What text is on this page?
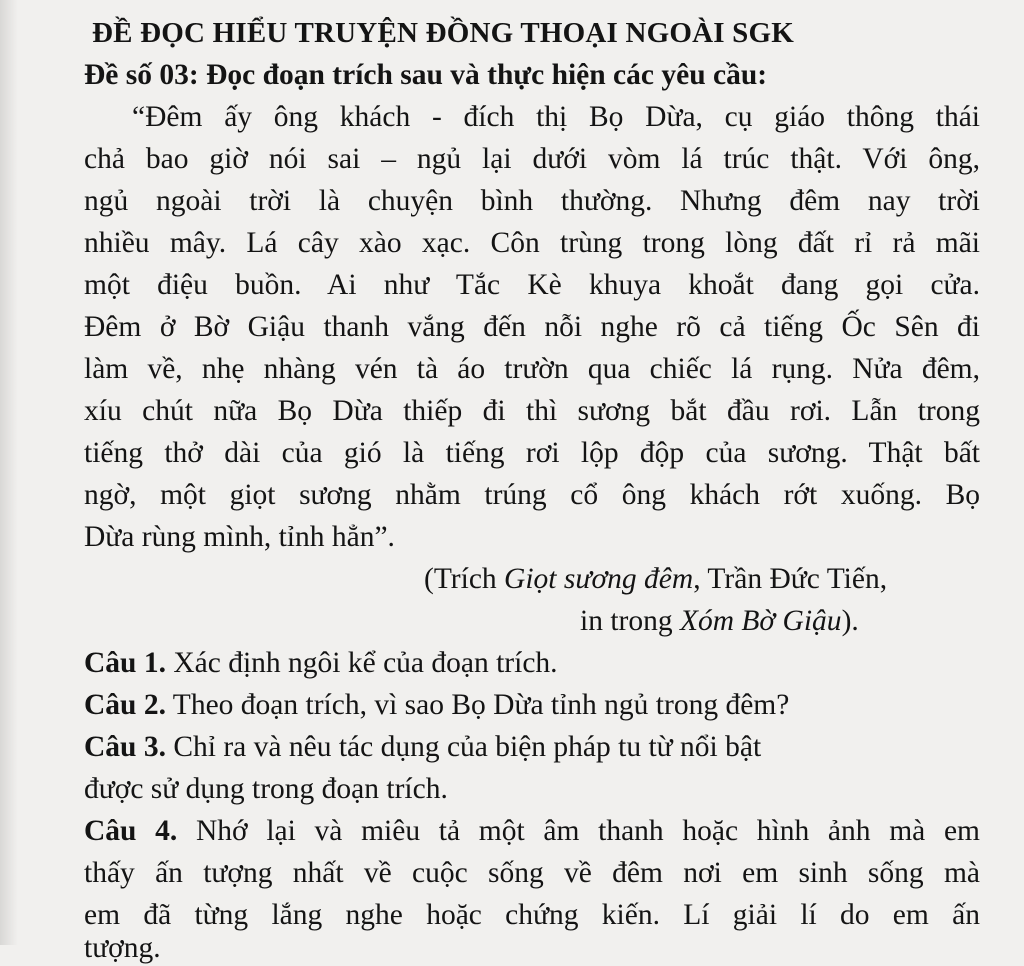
ĐỀ ĐỌC HIỂU TRUYỆN ĐỒNG THOẠI NGOÀI SGK
Đề số 03: Đọc đoạn trích sau và thực hiện các yêu cầu:
“Đêm ấy ông khách - đích thị Bọ Dừa, cụ giáo thông thái
chả bao giờ nói sai – ngủ lại dưới vòm lá trúc thật. Với ông,
ngủ ngoài trời là chuyện bình thường. Nhưng đêm nay trời
nhiều mây. Lá cây xào xạc. Côn trùng trong lòng đất rỉ rả mãi
một điệu buồn. Ai như Tắc Kè khuya khoắt đang gọi cửa.
Đêm ở Bờ Giậu thanh vắng đến nỗi nghe rõ cả tiếng Ốc Sên đi
làm về, nhẹ nhàng vén tà áo trườn qua chiếc lá rụng. Nửa đêm,
xíu chút nữa Bọ Dừa thiếp đi thì sương bắt đầu rơi. Lẫn trong
tiếng thở dài của gió là tiếng rơi lộp độp của sương. Thật bất
ngờ, một giọt sương nhằm trúng cổ ông khách rớt xuống. Bọ
Dừa rùng mình, tỉnh hẳn”.
(Trích Giọt sương đêm, Trần Đức Tiến,
in trong Xóm Bờ Giậu).
Câu 1. Xác định ngôi kể của đoạn trích.
Câu 2. Theo đoạn trích, vì sao Bọ Dừa tỉnh ngủ trong đêm?
Câu 3. Chỉ ra và nêu tác dụng của biện pháp tu từ nổi bật
được sử dụng trong đoạn trích.
Câu 4. Nhớ lại và miêu tả một âm thanh hoặc hình ảnh mà em
thấy ấn tượng nhất về cuộc sống về đêm nơi em sinh sống mà
em đã từng lắng nghe hoặc chứng kiến. Lí giải lí do em ấn
tượng.
